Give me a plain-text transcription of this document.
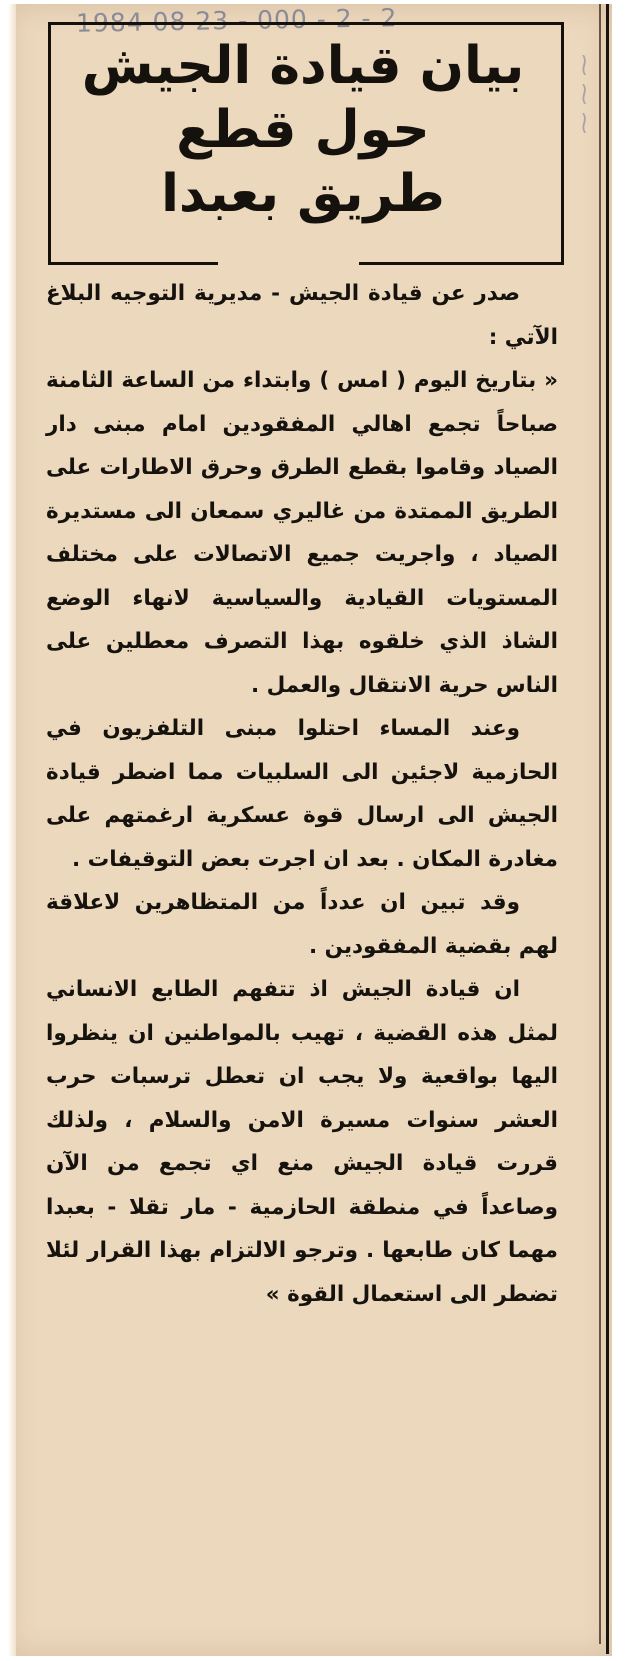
1984 08 23 - 000 - 2 - 2
⁓ ⁓ ⁓
بيان قيادة الجيش
حول قطع
طريق بعبدا

صدر عن قيادة الجيش - مديرية التوجيه البلاغ الآتي :

« بتاريخ اليوم ( امس ) وابتداء من الساعة الثامنة صباحاً تجمع اهالي المفقودين امام مبنى دار الصياد وقاموا بقطع الطرق وحرق الاطارات على الطريق الممتدة من غاليري سمعان الى مستديرة الصياد ، واجريت جميع الاتصالات على مختلف المستويات القيادية والسياسية لانهاء الوضع الشاذ الذي خلقوه بهذا التصرف معطلين على الناس حرية الانتقال والعمل .

وعند المساء احتلوا مبنى التلفزيون في الحازمية لاجئين الى السلبيات مما اضطر قيادة الجيش الى ارسال قوة عسكرية ارغمتهم على مغادرة المكان . بعد ان اجرت بعض التوقيفات .

وقد تبين ان عدداً من المتظاهرين لاعلاقة لهم بقضية المفقودين .

ان قيادة الجيش اذ تتفهم الطابع الانساني لمثل هذه القضية ، تهيب بالمواطنين ان ينظروا اليها بواقعية ولا يجب ان تعطل ترسبات حرب العشر سنوات مسيرة الامن والسلام ، ولذلك قررت قيادة الجيش منع اي تجمع من الآن وصاعداً في منطقة الحازمية - مار تقلا - بعبدا مهما كان طابعها . وترجو الالتزام بهذا القرار لئلا تضطر الى استعمال القوة »
